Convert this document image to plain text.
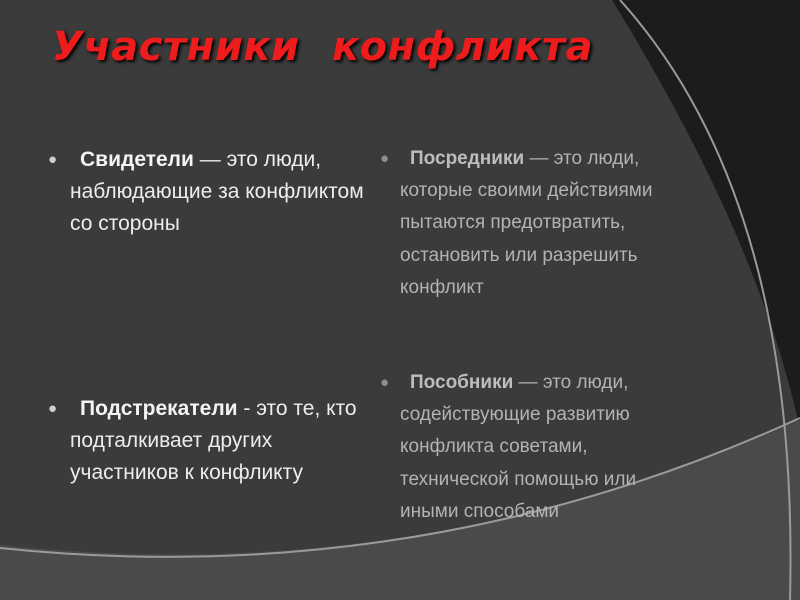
Участники конфликта
● Свидетели — это люди, наблюдающие за конфликтом со стороны
● Подстрекатели - это те, кто подталкивает других участников к конфликту
● Посредники — это люди, которые своими действиями пытаются предотвратить, остановить или разрешить конфликт
● Пособники — это люди, содействующие развитию конфликта советами, технической помощью или иными способами
